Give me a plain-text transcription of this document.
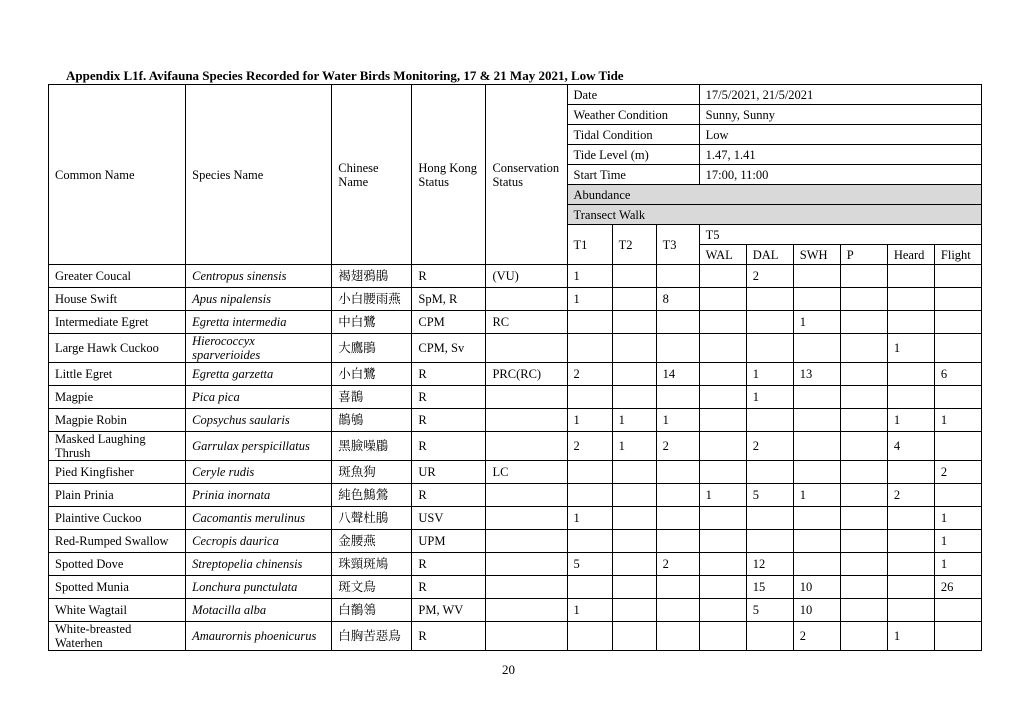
Appendix L1f. Avifauna Species Recorded for Water Birds Monitoring, 17 & 21 May 2021, Low Tide
Common Name	Species Name	Chinese Name	Hong Kong Status	Conservation Status	Date			17/5/2021, 21/5/2021					
					Weather Condition			Sunny, Sunny					
					Tidal Condition			Low					
					Tide Level (m)			1.47, 1.41					
					Start Time			17:00, 11:00					
					Abundance								
					Transect Walk								
					T1	T2	T3	T5					
								WAL	DAL	SWH	P	Heard	Flight
Greater Coucal	Centropus sinensis	褐翅鴉鵑	R	(VU)	1				2				
House Swift	Apus nipalensis	小白腰雨燕	SpM, R		1		8						
Intermediate Egret	Egretta intermedia	中白鷺	CPM	RC						1			
Large Hawk Cuckoo	Hierococcyx sparverioides	大鷹鵑	CPM, Sv									1	
Little Egret	Egretta garzetta	小白鷺	R	PRC(RC)	2		14		1	13			6
Magpie	Pica pica	喜鵲	R						1				
Magpie Robin	Copsychus saularis	鵲鴝	R		1	1	1					1	1
Masked Laughing Thrush	Garrulax perspicillatus	黑臉噪鶥	R		2	1	2		2			4	
Pied Kingfisher	Ceryle rudis	斑魚狗	UR	LC									2
Plain Prinia	Prinia inornata	純色鷦鶯	R					1	5	1		2	
Plaintive Cuckoo	Cacomantis merulinus	八聲杜鵑	USV		1								1
Red-Rumped Swallow	Cecropis daurica	金腰燕	UPM										1
Spotted Dove	Streptopelia chinensis	珠頸斑鳩	R		5		2		12				1
Spotted Munia	Lonchura punctulata	斑文鳥	R						15	10			26
White Wagtail	Motacilla alba	白鶺鴒	PM, WV		1				5	10			
White-breasted Waterhen	Amaurornis phoenicurus	白胸苦惡鳥	R							2		1	
20
